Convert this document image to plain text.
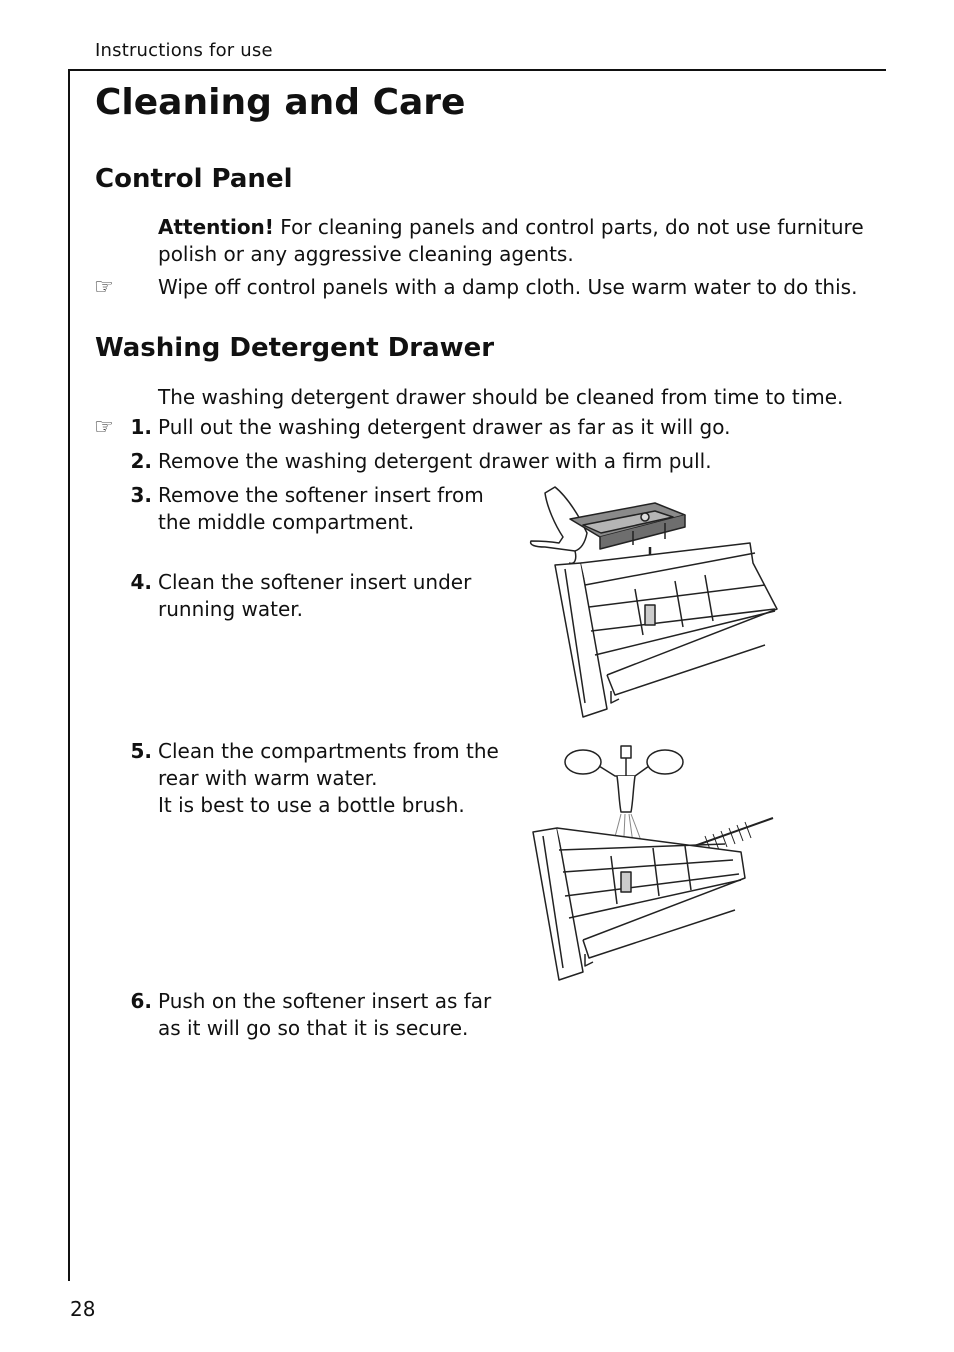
Instructions for use
Cleaning and Care
Control Panel
Attention! For cleaning panels and control parts, do not use furniture
polish or any aggressive cleaning agents.
☞ Wipe off control panels with a damp cloth. Use warm water to do this.
Washing Detergent Drawer
The washing detergent drawer should be cleaned from time to time.
☞ 1. Pull out the washing detergent drawer as far as it will go.
2. Remove the washing detergent drawer with a firm pull.
3. Remove the softener insert from
the middle compartment.
4. Clean the softener insert under
running water.
5. Clean the compartments from the
rear with warm water.
It is best to use a bottle brush.
6. Push on the softener insert as far
as it will go so that it is secure.
28
